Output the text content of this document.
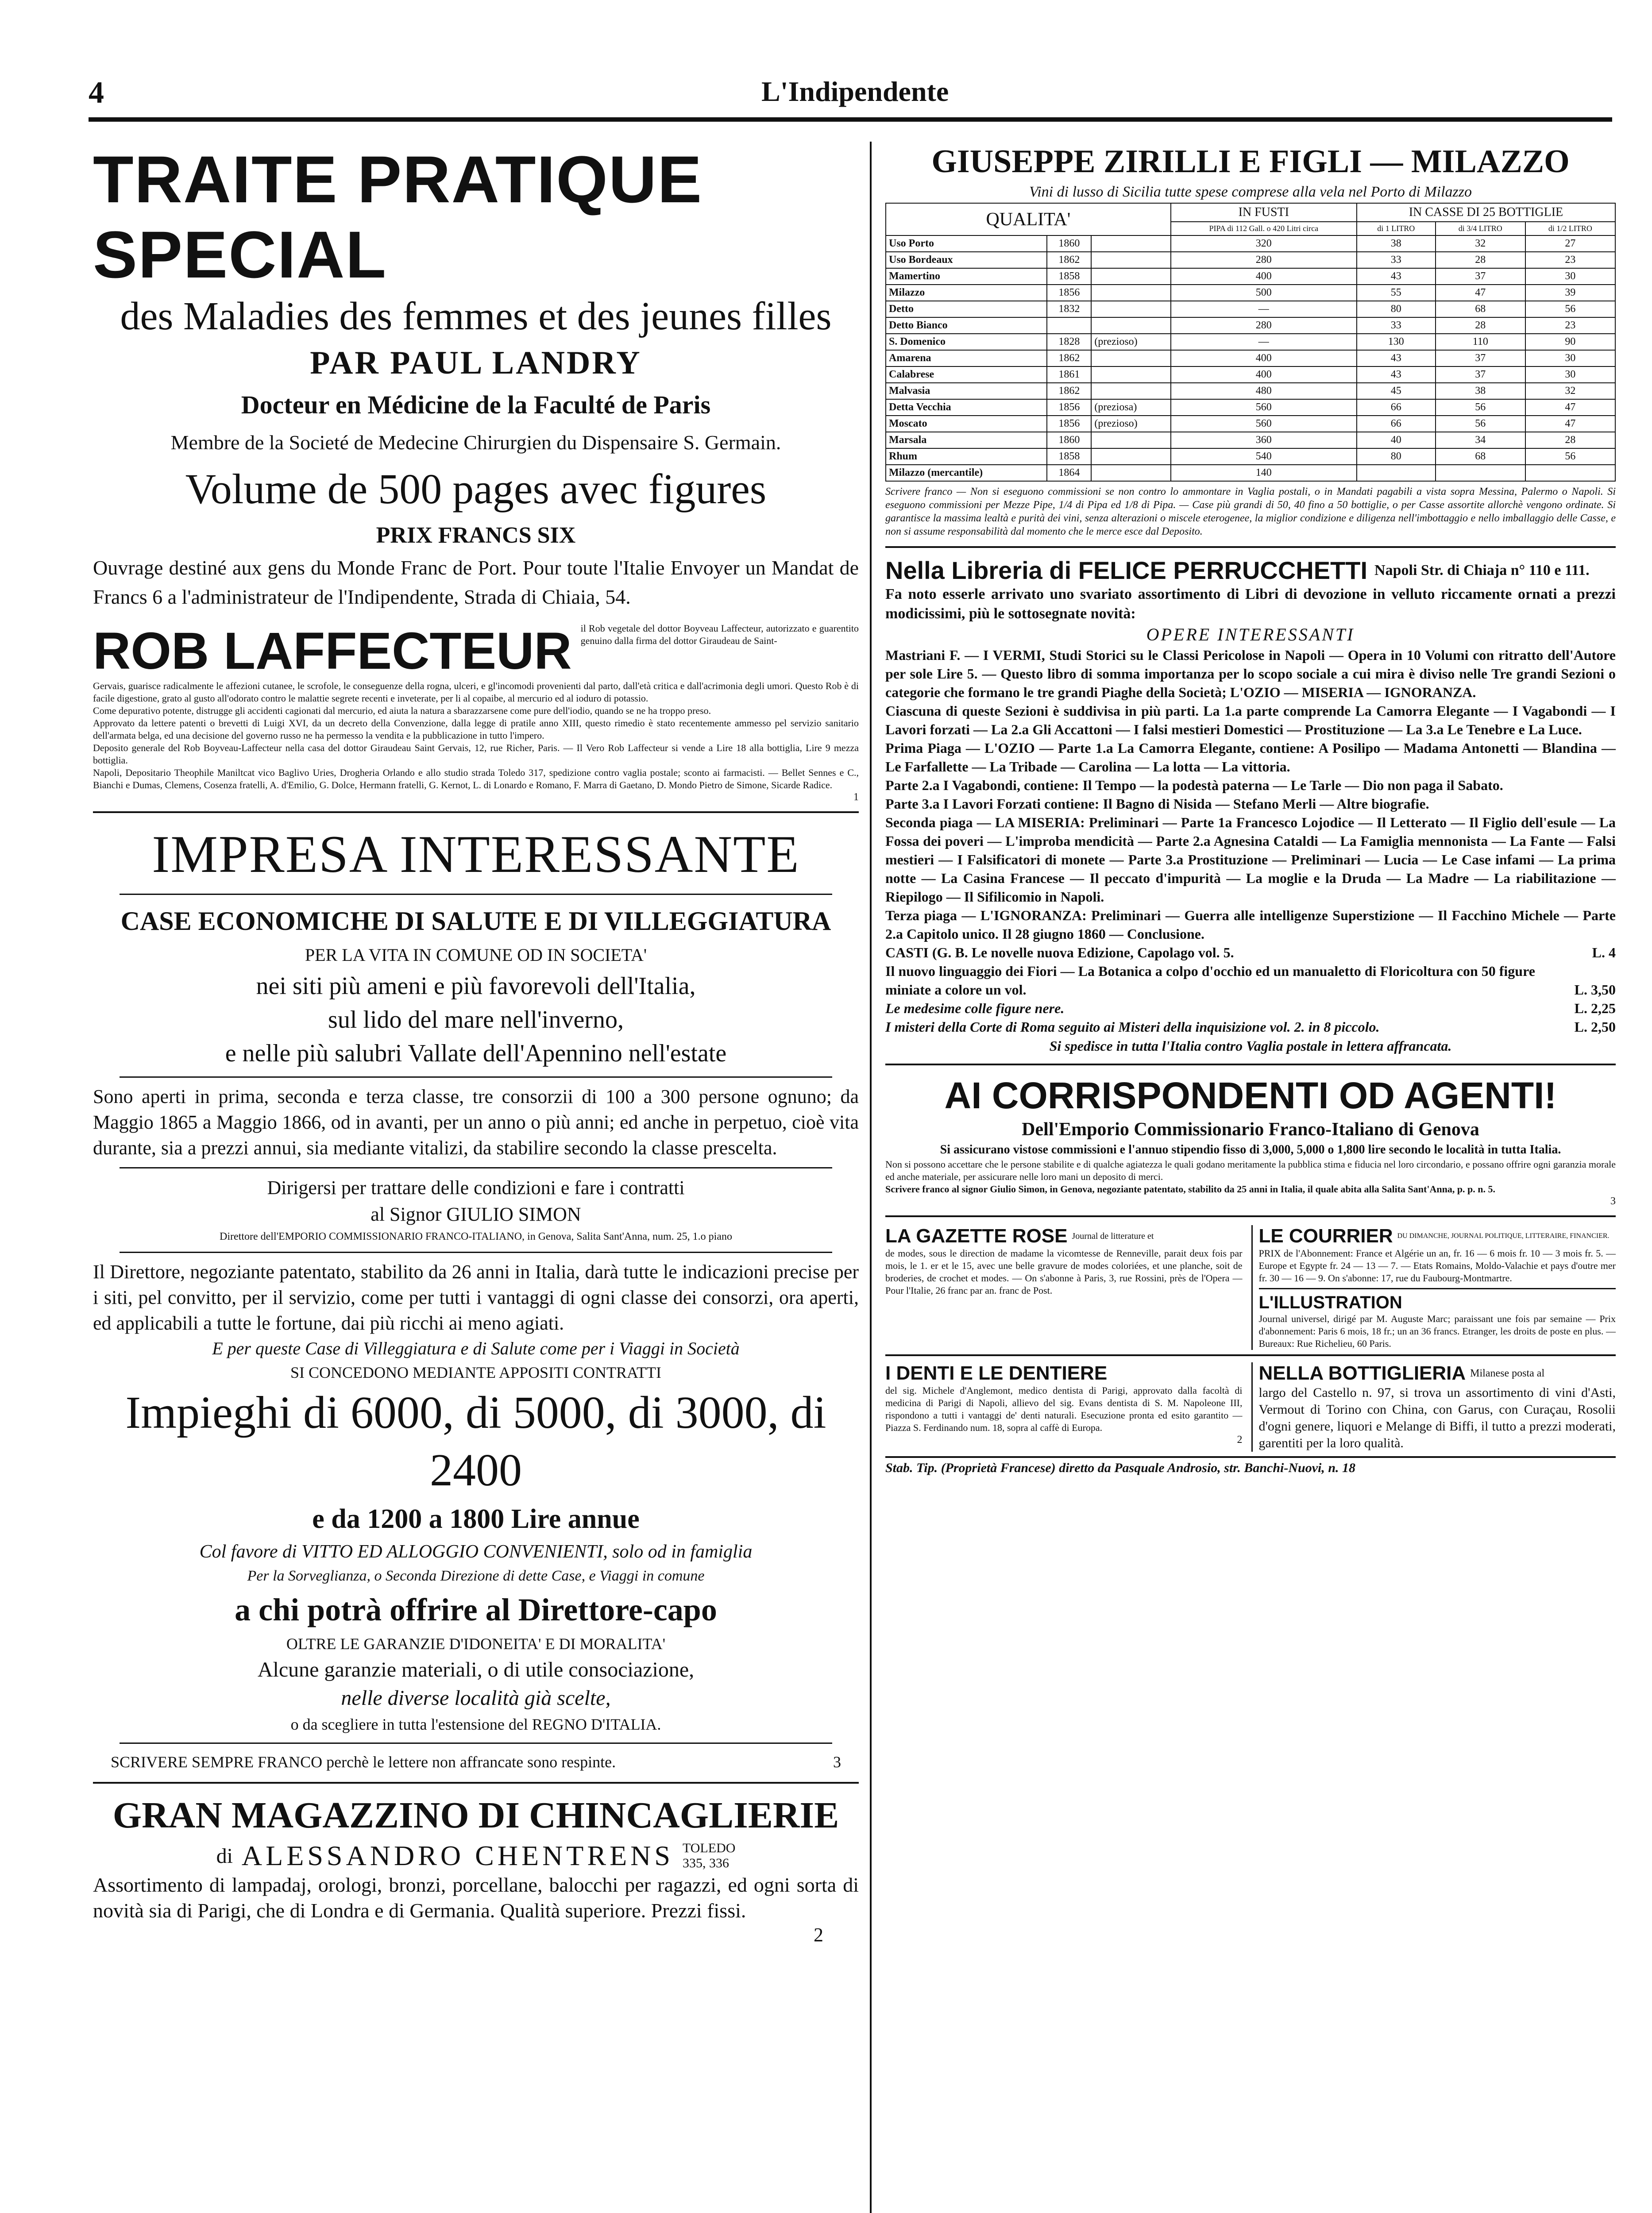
4	L'Indipendente
TRAITE PRATIQUE SPECIAL
des Maladies des femmes et des jeunes filles
PAR PAUL LANDRY
Docteur en Médicine de la Faculté de Paris
Membre de la Societé de Medecine Chirurgien du Dispensaire S. Germain.
Volume de 500 pages avec figures
PRIX FRANCS SIX
Ouvrage destiné aux gens du Monde Franc de Port. Pour toute l'Italie Envoyer un Mandat de Francs 6 a l'administrateur de l'Indipendente, Strada di Chiaia, 54.
ROB LAFFECTEUR il Rob vegetale del dottor Boyveau Laffecteur, autorizzato e guarentito genuino dalla firma del dottor Giraudeau de Saint-
Gervais, guarisce radicalmente le affezioni cutanee, le scrofole, le conseguenze della rogna, ulceri, e gl'incomodi provenienti dal parto, dall'età critica e dall'acrimonia degli umori. Questo Rob è di facile digestione, grato al gusto all'odorato contro le malattie segrete recenti e inveterate, per li al copaibe, al mercurio ed al ioduro di potassio.
Come depurativo potente, distrugge gli accidenti cagionati dal mercurio, ed aiuta la natura a sbarazzarsene come pure dell'iodio, quando se ne ha troppo preso.
Approvato da lettere patenti o brevetti di Luigi XVI, da un decreto della Convenzione, dalla legge di pratile anno XIII, questo rimedio è stato recentemente ammesso pel servizio sanitario dell'armata belga, ed una decisione del governo russo ne ha permesso la vendita e la pubblicazione in tutto l'impero.
Deposito generale del Rob Boyveau-Laffecteur nella casa del dottor Giraudeau Saint Gervais, 12, rue Richer, Paris. — Il Vero Rob Laffecteur si vende a Lire 18 alla bottiglia, Lire 9 mezza bottiglia.
Napoli, Depositario Theophile Maniltcat vico Baglivo Uries, Drogheria Orlando e allo studio strada Toledo 317, spedizione contro vaglia postale; sconto ai farmacisti. — Bellet Sennes e C., Bianchi e Dumas, Clemens, Cosenza fratelli, A. d'Emilio, G. Dolce, Hermann fratelli, G. Kernot, L. di Lonardo e Romano, F. Marra di Gaetano, D. Mondo Pietro de Simone, Sicarde Radice.
1
IMPRESA INTERESSANTE
CASE ECONOMICHE DI SALUTE E DI VILLEGGIATURA
PER LA VITA IN COMUNE OD IN SOCIETA'
nei siti più ameni e più favorevoli dell'Italia,
sul lido del mare nell'inverno,
e nelle più salubri Vallate dell'Apennino nell'estate
Sono aperti in prima, seconda e terza classe, tre consorzii di 100 a 300 persone ognuno; da Maggio 1865 a Maggio 1866, od in avanti, per un anno o più anni; ed anche in perpetuo, cioè vita durante, sia a prezzi annui, sia mediante vitalizi, da stabilire secondo la classe prescelta.
Dirigersi per trattare delle condizioni e fare i contratti
al Signor GIULIO SIMON
Direttore dell'EMPORIO COMMISSIONARIO FRANCO-ITALIANO, in Genova, Salita Sant'Anna, num. 25, 1.o piano
Il Direttore, negoziante patentato, stabilito da 26 anni in Italia, darà tutte le indicazioni precise per i siti, pel convitto, per il servizio, come per tutti i vantaggi di ogni classe dei consorzi, ora aperti, ed applicabili a tutte le fortune, dai più ricchi ai meno agiati.
E per queste Case di Villeggiatura e di Salute come per i Viaggi in Società
SI CONCEDONO MEDIANTE APPOSITI CONTRATTI
Impieghi di 6000, di 5000, di 3000, di 2400
e da 1200 a 1800 Lire annue
Col favore di VITTO ED ALLOGGIO CONVENIENTI, solo od in famiglia
Per la Sorveglianza, o Seconda Direzione di dette Case, e Viaggi in comune
a chi potrà offrire al Direttore-capo
OLTRE LE GARANZIE D'IDONEITA' E DI MORALITA'
Alcune garanzie materiali, o di utile consociazione,
nelle diverse località già scelte,
o da scegliere in tutta l'estensione del REGNO D'ITALIA.
SCRIVERE SEMPRE FRANCO perchè le lettere non affrancate sono respinte.	3
GRAN MAGAZZINO DI CHINCAGLIERIE
di ALESSANDRO CHENTRENS TOLEDO
335, 336
Assortimento di lampadaj, orologi, bronzi, porcellane, balocchi per ragazzi, ed ogni sorta di novità sia di Parigi, che di Londra e di Germania. Qualità superiore. Prezzi fissi.
2
GIUSEPPE ZIRILLI E FIGLI — MILAZZO
Vini di lusso di Sicilia tutte spese comprese alla vela nel Porto di Milazzo
QUALITA'			IN FUSTI	IN CASSE DI 25 BOTTIGLIE		
			PIPA di 112 Gall. o 420 Litri circa	di 1 LITRO	di 3/4 LITRO	di 1/2 LITRO
Uso Porto	1860		320	38	32	27
Uso Bordeaux	1862		280	33	28	23
Mamertino	1858		400	43	37	30
Milazzo	1856		500	55	47	39
Detto	1832		—	80	68	56
Detto Bianco			280	33	28	23
S. Domenico	1828	(prezioso)	—	130	110	90
Amarena	1862		400	43	37	30
Calabrese	1861		400	43	37	30
Malvasia	1862		480	45	38	32
Detta Vecchia	1856	(preziosa)	560	66	56	47
Moscato	1856	(prezioso)	560	66	56	47
Marsala	1860		360	40	34	28
Rhum	1858		540	80	68	56
Milazzo (mercantile)	1864		140			
Scrivere franco — Non si eseguono commissioni se non contro lo ammontare in Vaglia postali, o in Mandati pagabili a vista sopra Messina, Palermo o Napoli. Si eseguono commissioni per Mezze Pipe, 1/4 di Pipa ed 1/8 di Pipa. — Case più grandi di 50, 40 fino a 50 bottiglie, o per Casse assortite allorchè vengono ordinate. Si garantisce la massima lealtà e purità dei vini, senza alterazioni o miscele eterogenee, la miglior condizione e diligenza nell'imbottaggio e nello imballaggio delle Casse, e non si assume responsabilità dal momento che le merce esce dal Deposito.
Nella Libreria di FELICE PERRUCCHETTI Napoli Str. di Chiaja n° 110 e 111.
Fa noto esserle arrivato uno svariato assortimento di Libri di devozione in velluto riccamente ornati a prezzi modicissimi, più le sottosegnate novità:
OPERE INTERESSANTI
Mastriani F. — I VERMI, Studi Storici su le Classi Pericolose in Napoli — Opera in 10 Volumi con ritratto dell'Autore per sole Lire 5. — Questo libro di somma importanza per lo scopo sociale a cui mira è diviso nelle Tre grandi Sezioni o categorie che formano le tre grandi Piaghe della Società; L'OZIO — MISERIA — IGNORANZA.
Ciascuna di queste Sezioni è suddivisa in più parti. La 1.a parte comprende La Camorra Elegante — I Vagabondi — I Lavori forzati — La 2.a Gli Accattoni — I falsi mestieri Domestici — Prostituzione — La 3.a Le Tenebre e La Luce.
Prima Piaga — L'OZIO — Parte 1.a La Camorra Elegante, contiene: A Posilipo — Madama Antonetti — Blandina — Le Farfallette — La Tribade — Carolina — La lotta — La vittoria.
Parte 2.a I Vagabondi, contiene: Il Tempo — la podestà paterna — Le Tarle — Dio non paga il Sabato.
Parte 3.a I Lavori Forzati contiene: Il Bagno di Nisida — Stefano Merli — Altre biografie.
Seconda piaga — LA MISERIA: Preliminari — Parte 1a Francesco Lojodice — Il Letterato — Il Figlio dell'esule — La Fossa dei poveri — L'improba mendicità — Parte 2.a Agnesina Cataldi — La Famiglia mennonista — La Fante — Falsi mestieri — I Falsificatori di monete — Parte 3.a Prostituzione — Preliminari — Lucia — Le Case infami — La prima notte — La Casina Francese — Il peccato d'impurità — La moglie e la Druda — La Madre — La riabilitazione — Riepilogo — Il Sifilicomio in Napoli.
Terza piaga — L'IGNORANZA: Preliminari — Guerra alle intelligenze Superstizione — Il Facchino Michele — Parte 2.a Capitolo unico. Il 28 giugno 1860 — Conclusione.
CASTI (G. B. Le novelle nuova Edizione, Capolago vol. 5.	L. 4
Il nuovo linguaggio dei Fiori — La Botanica a colpo d'occhio ed un manualetto di Floricoltura con 50 figure miniate a colore un vol.	L. 3,50
Le medesime colle figure nere.	L. 2,25
I misteri della Corte di Roma seguito ai Misteri della inquisizione vol. 2. in 8 piccolo.	L. 2,50
Si spedisce in tutta l'Italia contro Vaglia postale in lettera affrancata.
AI CORRISPONDENTI OD AGENTI!
Dell'Emporio Commissionario Franco-Italiano di Genova
Si assicurano vistose commissioni e l'annuo stipendio fisso di 3,000, 5,000 o 1,800 lire secondo le località in tutta Italia.
Non si possono accettare che le persone stabilite e di qualche agiatezza le quali godano meritamente la pubblica stima e fiducia nel loro circondario, e possano offrire ogni garanzia morale ed anche materiale, per assicurare nelle loro mani un deposito di merci.
Scrivere franco al signor Giulio Simon, in Genova, negoziante patentato, stabilito da 25 anni in Italia, il quale abita alla Salita Sant'Anna, p. p. n. 5.
3
LA GAZETTE ROSE Journal de litterature et
de modes, sous le direction de madame la vicomtesse de Renneville, parait deux fois par mois, le 1. er et le 15, avec une belle gravure de modes coloriées, et une planche, soit de broderies, de crochet et modes. — On s'abonne à Paris, 3, rue Rossini, près de l'Opera — Pour l'Italie, 26 franc par an. franc de Post.
LE COURRIER DU DIMANCHE, JOURNAL POLITIQUE, LITTERAIRE, FINANCIER.
PRIX de l'Abonnement: France et Algérie un an, fr. 16 — 6 mois fr. 10 — 3 mois fr. 5. — Europe et Egypte fr. 24 — 13 — 7. — Etats Romains, Moldo-Valachie et pays d'outre mer fr. 30 — 16 — 9. On s'abonne: 17, rue du Faubourg-Montmartre.
L'ILLUSTRATION
Journal universel, dirigé par M. Auguste Marc; paraissant une fois par semaine — Prix d'abonnement: Paris 6 mois, 18 fr.; un an 36 francs. Etranger, les droits de poste en plus. — Bureaux: Rue Richelieu, 60 Paris.
I DENTI E LE DENTIERE
del sig. Michele d'Anglemont, medico dentista di Parigi, approvato dalla facoltà di medicina di Parigi di Napoli, allievo del sig. Evans dentista di S. M. Napoleone III, rispondono a tutti i vantaggi de' denti naturali. Esecuzione pronta ed esito garantito — Piazza S. Ferdinando num. 18, sopra al caffè di Europa.
2
NELLA BOTTIGLIERIA Milanese posta al
largo del Castello n. 97, si trova un assortimento di vini d'Asti, Vermout di Torino con China, con Garus, con Curaçau, Rosolii d'ogni genere, liquori e Melange di Biffi, il tutto a prezzi moderati, garentiti per la loro qualità.
Stab. Tip. (Proprietà Francese) diretto da Pasquale Androsio, str. Banchi-Nuovi, n. 18
